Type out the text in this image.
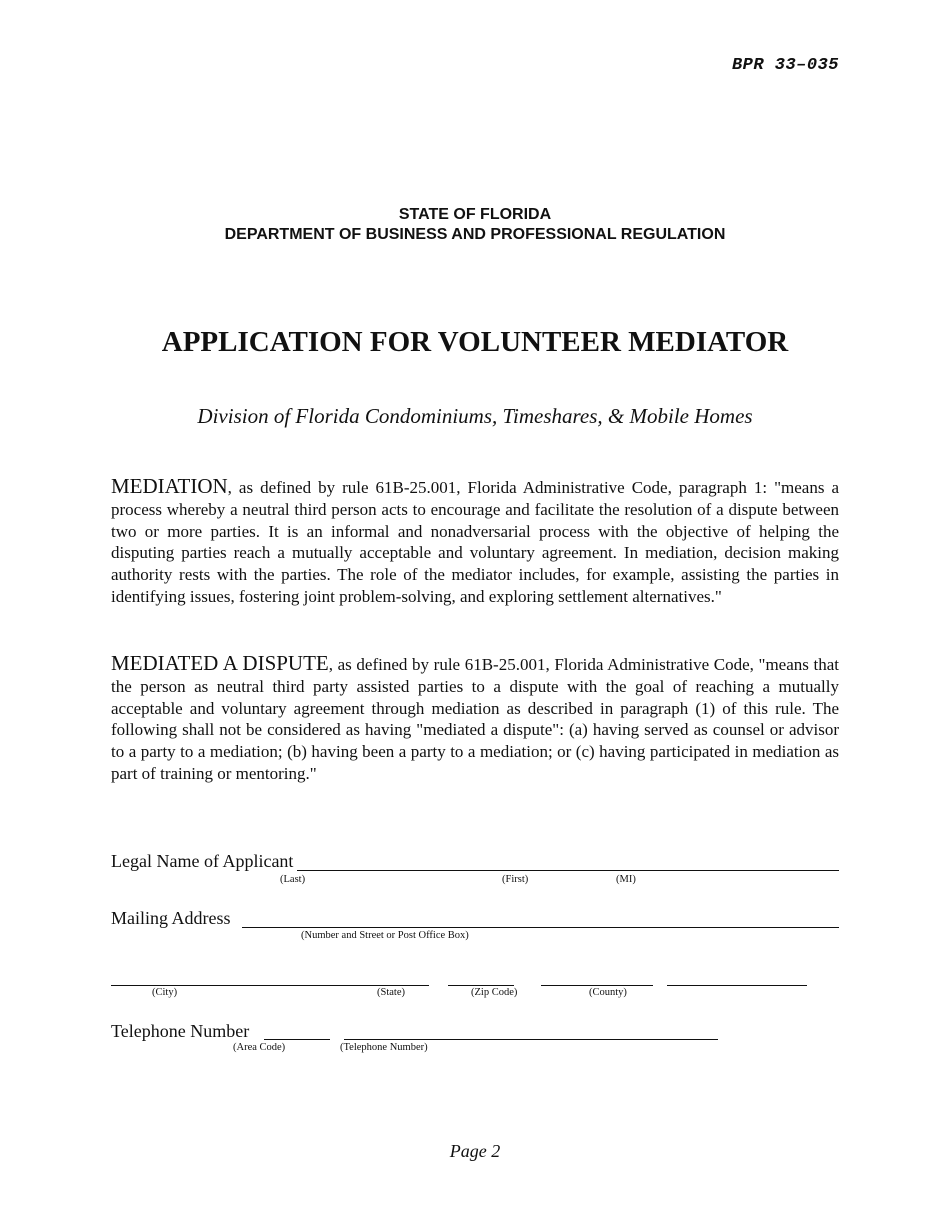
BPR 33–035
STATE OF FLORIDA
DEPARTMENT OF BUSINESS AND PROFESSIONAL REGULATION
APPLICATION FOR VOLUNTEER MEDIATOR
Division of Florida Condominiums, Timeshares, & Mobile Homes

MEDIATION, as defined by rule 61B-25.001, Florida Administrative Code, paragraph 1: "means a process whereby a neutral third person acts to encourage and facilitate the resolution of a dispute between two or more parties. It is an informal and nonadversarial process with the objective of helping the disputing parties reach a mutually acceptable and voluntary agreement. In mediation, decision making authority rests with the parties. The role of the mediator includes, for example, assisting the parties in identifying issues, fostering joint problem-solving, and exploring settlement alternatives."

MEDIATED A DISPUTE, as defined by rule 61B-25.001, Florida Administrative Code, "means that the person as neutral third party assisted parties to a dispute with the goal of reaching a mutually acceptable and voluntary agreement through mediation as described in paragraph (1) of this rule. The following shall not be considered as having "mediated a dispute": (a) having served as counsel or advisor to a party to a mediation; (b) having been a party to a mediation; or (c) having participated in mediation as part of training or mentoring."

Legal Name of Applicant
(Last)	(First)	(MI)
Mailing Address
(Number and Street or Post Office Box)
(City)	(State)	(Zip Code)	(County)
Telephone Number
(Area Code)	(Telephone Number)
Page 2
